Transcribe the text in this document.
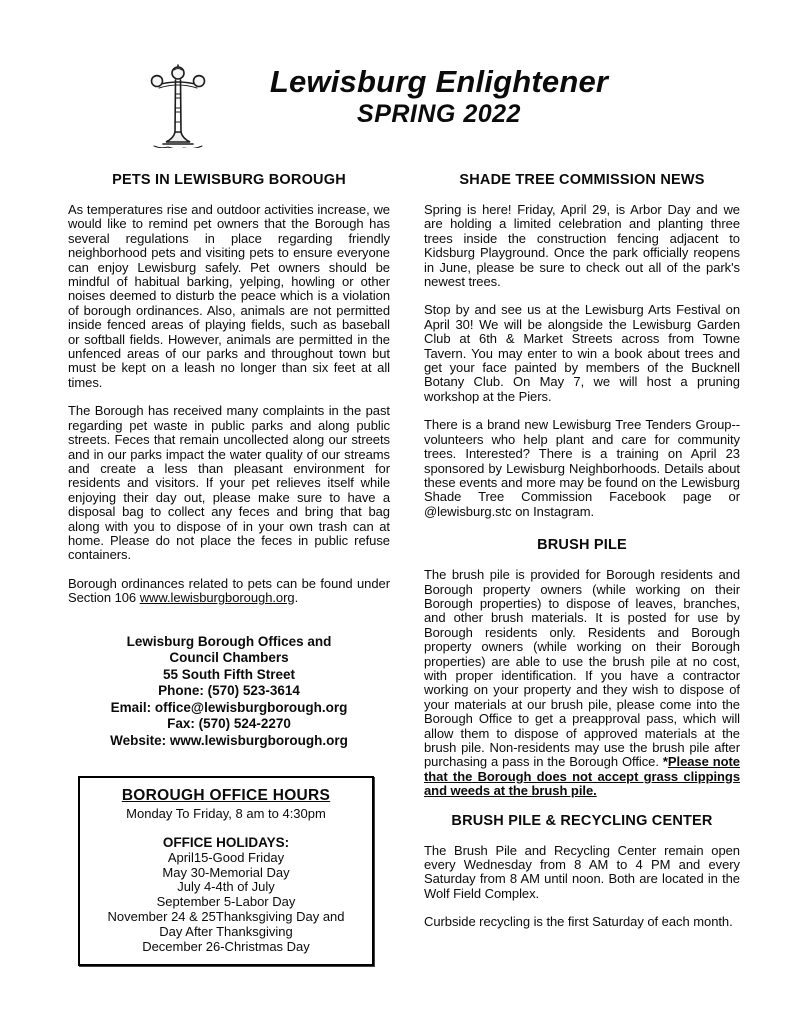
Lewisburg Enlightener
SPRING 2022
PETS IN LEWISBURG BOROUGH

As temperatures rise and outdoor activities increase, we would like to remind pet owners that the Borough has several regulations in place regarding friendly neighborhood pets and visiting pets to ensure everyone can enjoy Lewisburg safely. Pet owners should be mindful of habitual barking, yelping, howling or other noises deemed to disturb the peace which is a violation of borough ordinances. Also, animals are not permitted inside fenced areas of playing fields, such as baseball or softball fields. However, animals are permitted in the unfenced areas of our parks and throughout town but must be kept on a leash no longer than six feet at all times.

The Borough has received many complaints in the past regarding pet waste in public parks and along public streets. Feces that remain uncollected along our streets and in our parks impact the water quality of our streams and create a less than pleasant environment for residents and visitors. If your pet relieves itself while enjoying their day out, please make sure to have a disposal bag to collect any feces and bring that bag along with you to dispose of in your own trash can at home. Please do not place the feces in public refuse containers.

Borough ordinances related to pets can be found under Section 106 www.lewisburgborough.org.

Lewisburg Borough Offices and
Council Chambers
55 South Fifth Street
Phone: (570) 523-3614
Email: office@lewisburgborough.org
Fax: (570) 524-2270
Website: www.lewisburgborough.org
BOROUGH OFFICE HOURS
Monday To Friday, 8 am to 4:30pm
OFFICE HOLIDAYS:
April15-Good Friday
May 30-Memorial Day
July 4-4th of July
September 5-Labor Day
November 24 & 25Thanksgiving Day and
Day After Thanksgiving
December 26-Christmas Day
SHADE TREE COMMISSION NEWS

Spring is here! Friday, April 29, is Arbor Day and we are holding a limited celebration and planting three trees inside the construction fencing adjacent to Kidsburg Playground. Once the park officially reopens in June, please be sure to check out all of the park's newest trees.

Stop by and see us at the Lewisburg Arts Festival on April 30! We will be alongside the Lewisburg Garden Club at 6th & Market Streets across from Towne Tavern. You may enter to win a book about trees and get your face painted by members of the Bucknell Botany Club. On May 7, we will host a pruning workshop at the Piers.

There is a brand new Lewisburg Tree Tenders Group--volunteers who help plant and care for community trees. Interested? There is a training on April 23 sponsored by Lewisburg Neighborhoods. Details about these events and more may be found on the Lewisburg Shade Tree Commission Facebook page or @lewisburg.stc on Instagram.

BRUSH PILE

The brush pile is provided for Borough residents and Borough property owners (while working on their Borough properties) to dispose of leaves, branches, and other brush materials. It is posted for use by Borough residents only. Residents and Borough property owners (while working on their Borough properties) are able to use the brush pile at no cost, with proper identification. If you have a contractor working on your property and they wish to dispose of your materials at our brush pile, please come into the Borough Office to get a preapproval pass, which will allow them to dispose of approved materials at the brush pile. Non-residents may use the brush pile after purchasing a pass in the Borough Office. *Please note that the Borough does not accept grass clippings and weeds at the brush pile.

BRUSH PILE & RECYCLING CENTER

The Brush Pile and Recycling Center remain open every Wednesday from 8 AM to 4 PM and every Saturday from 8 AM until noon. Both are located in the Wolf Field Complex.

Curbside recycling is the first Saturday of each month.
